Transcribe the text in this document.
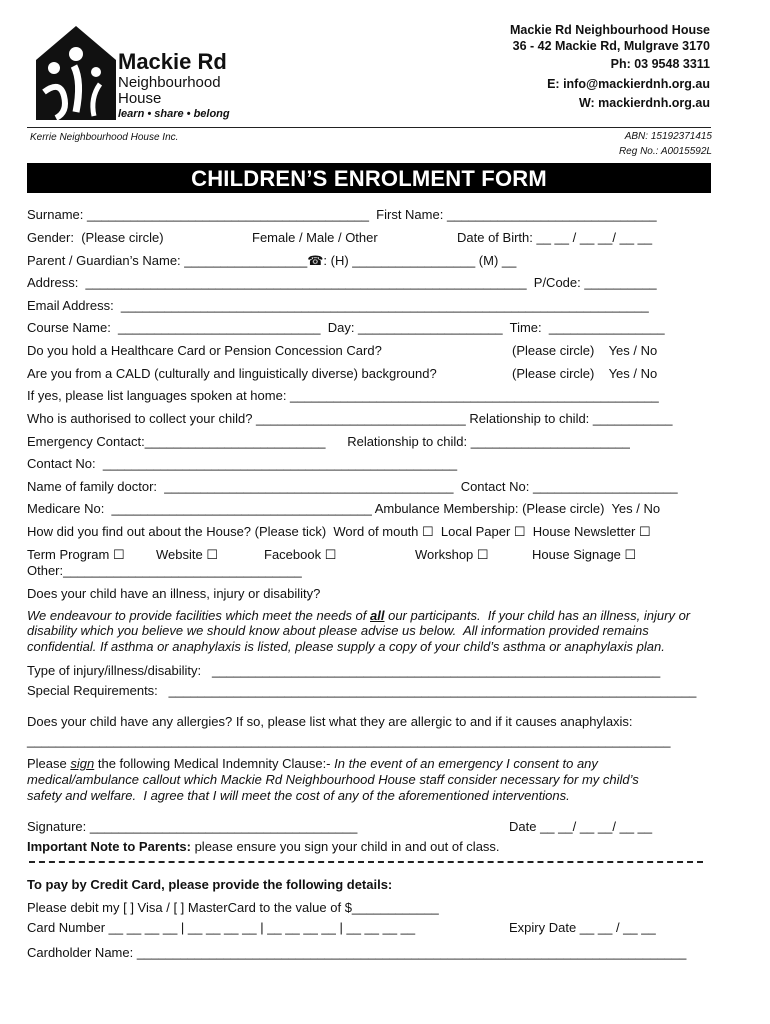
Mackie Rd

Neighbourhood

House

learn • share • belong

Mackie Rd Neighbourhood House
36 - 42 Mackie Rd, Mulgrave 3170
Ph: 03 9548 3311
E: info@mackierdnh.org.au
W: mackierdnh.org.au
Kerrie Neighbourhood House Inc.	ABN: 15192371415
Reg No.: A0015592L
CHILDREN’S ENROLMENT FORM
Surname: _______________________________________  First Name: _____________________________
Gender:  (Please circle)	Female / Male / Other	Date of Birth: __ __ / __ __/ __ __
Parent / Guardian’s Name: _________________☎: (H) _________________ (M) __
Address:  _____________________________________________________________  P/Code: __________
Email Address:  _________________________________________________________________________
Course Name:  ____________________________  Day: ____________________  Time:  ________________
Do you hold a Healthcare Card or Pension Concession Card?	(Please circle)    Yes / No
Are you from a CALD (culturally and linguistically diverse) background?	(Please circle)    Yes / No
If yes, please list languages spoken at home: ___________________________________________________
Who is authorised to collect your child? _____________________________ Relationship to child: ___________
Emergency Contact:_________________________      Relationship to child: ______________________
Contact No:  _________________________________________________
Name of family doctor:  ________________________________________  Contact No: ____________________
Medicare No:  ____________________________________ Ambulance Membership: (Please circle)  Yes / No
How did you find out about the House? (Please tick)  Word of mouth ☐  Local Paper ☐  House Newsletter ☐
Term Program ☐ Website ☐	Facebook ☐	Workshop ☐	House Signage ☐
Other:_________________________________
Does your child have an illness, injury or disability?
We endeavour to provide facilities which meet the needs of all our participants.  If your child has an illness, injury or
disability which you believe we should know about please advise us below.  All information provided remains
confidential. If asthma or anaphylaxis is listed, please supply a copy of your child’s asthma or anaphylaxis plan.
Type of injury/illness/disability:   ______________________________________________________________
Special Requirements:   _________________________________________________________________________
Does your child have any allergies? If so, please list what they are allergic to and if it causes anaphylaxis:
_________________________________________________________________________________________
Please sign the following Medical Indemnity Clause:- In the event of an emergency I consent to any
medical/ambulance callout which Mackie Rd Neighbourhood House staff consider necessary for my child’s
safety and welfare.  I agree that I will meet the cost of any of the aforementioned interventions.
Signature: _____________________________________	Date __ __/ __ __/ __ __
Important Note to Parents: please ensure you sign your child in and out of class.
To pay by Credit Card, please provide the following details:
Please debit my [ ] Visa / [ ] MasterCard to the value of $____________
Card Number __ __ __ __ | __ __ __ __ | __ __ __ __ | __ __ __ __	Expiry Date __ __ / __ __
Cardholder Name: ____________________________________________________________________________
